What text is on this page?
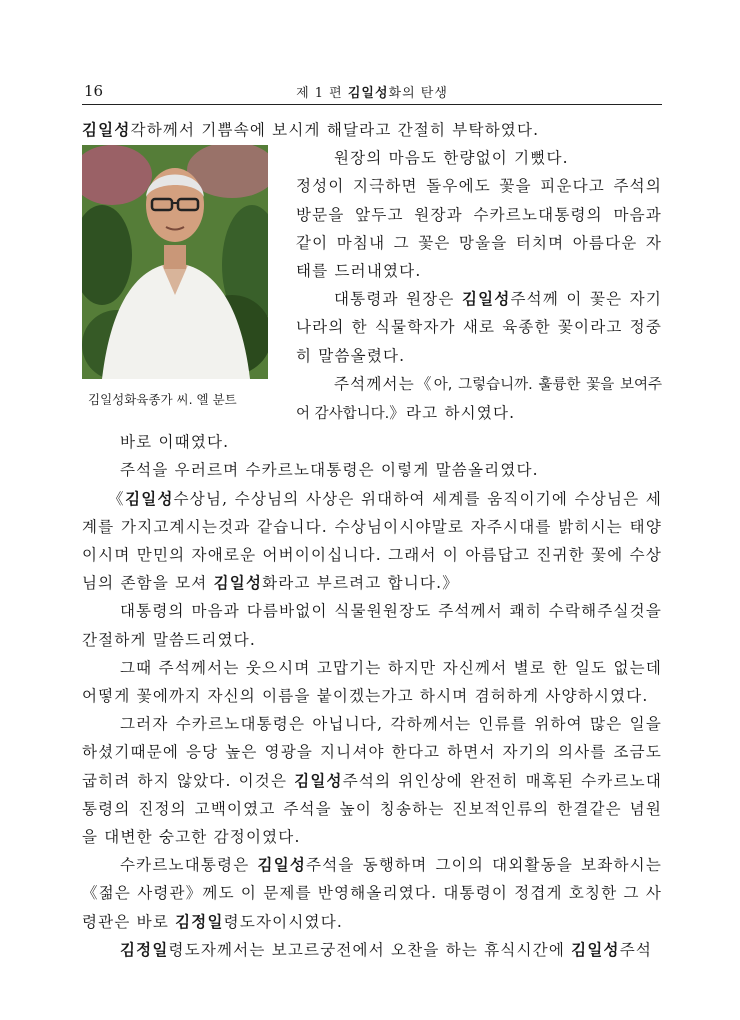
16	제 1 편 김일성화의 탄생

김일성각하께서 기쁨속에 보시게 해달라고 간절히 부탁하였다.

김일성화육종가 씨. 엘 분트

원장의 마음도 한량없이 기뻤다.

정성이 지극하면 돌우에도 꽃을 피운다고 주석의 방문을 앞두고 원장과 수카르노대통령의 마음과 같이 마침내 그 꽃은 망울을 터치며 아름다운 자태를 드러내였다.

대통령과 원장은 김일성주석께 이 꽃은 자기나라의 한 식물학자가 새로 육종한 꽃이라고 정중히 말씀올렸다.

주석께서는《아, 그렇습니까. 훌륭한 꽃을 보여주어 감사합니다.》라고 하시였다.

바로 이때였다.

주석을 우러르며 수카르노대통령은 이렇게 말씀올리였다.

《김일성수상님, 수상님의 사상은 위대하여 세계를 움직이기에 수상님은 세계를 가지고계시는것과 같습니다. 수상님이시야말로 자주시대를 밝히시는 태양이시며 만민의 자애로운 어버이이십니다. 그래서 이 아름답고 진귀한 꽃에 수상님의 존함을 모셔 김일성화라고 부르려고 합니다.》

대통령의 마음과 다름바없이 식물원원장도 주석께서 쾌히 수락해주실것을 간절하게 말씀드리였다.

그때 주석께서는 웃으시며 고맙기는 하지만 자신께서 별로 한 일도 없는데 어떻게 꽃에까지 자신의 이름을 붙이겠는가고 하시며 겸허하게 사양하시였다.

그러자 수카르노대통령은 아닙니다, 각하께서는 인류를 위하여 많은 일을 하셨기때문에 응당 높은 영광을 지니셔야 한다고 하면서 자기의 의사를 조금도 굽히려 하지 않았다. 이것은 김일성주석의 위인상에 완전히 매혹된 수카르노대통령의 진정의 고백이였고 주석을 높이 칭송하는 진보적인류의 한결같은 념원을 대변한 숭고한 감정이였다.

수카르노대통령은 김일성주석을 동행하며 그이의 대외활동을 보좌하시는 《젊은 사령관》께도 이 문제를 반영해올리였다. 대통령이 정겹게 호칭한 그 사령관은 바로 김정일령도자이시였다.

김정일령도자께서는 보고르궁전에서 오찬을 하는 휴식시간에 김일성주석
